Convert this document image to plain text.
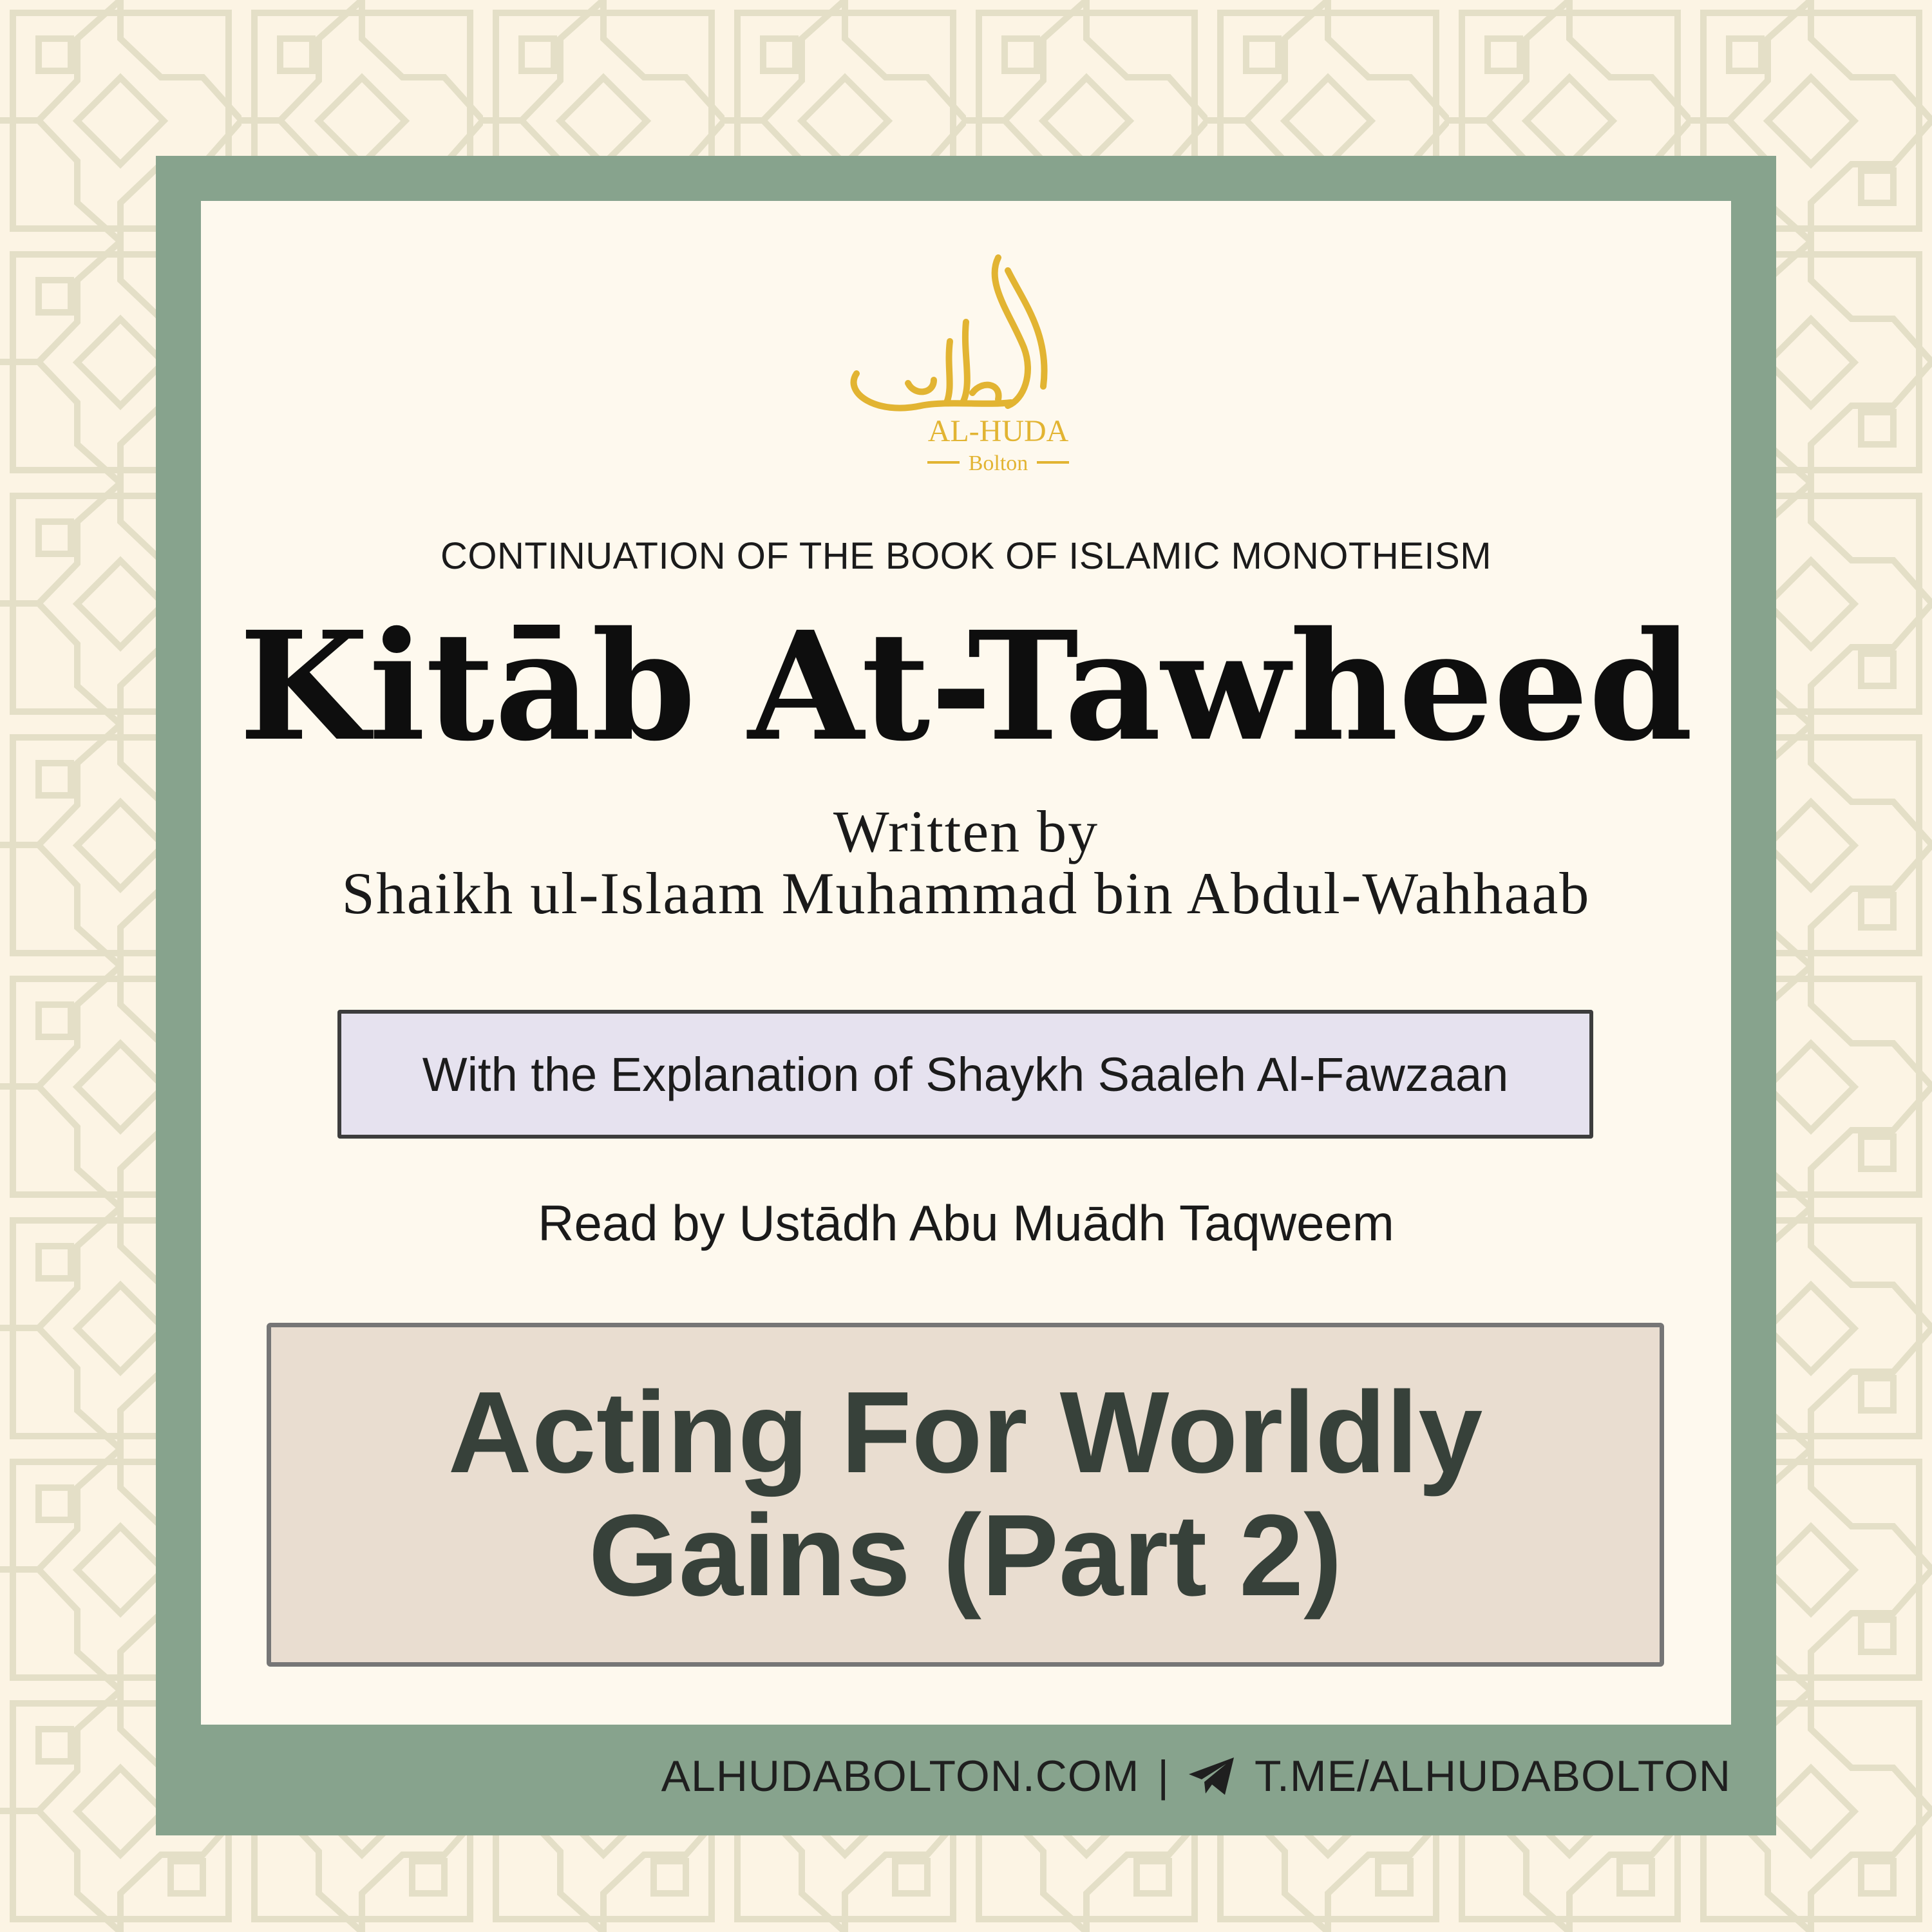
AL-HUDA
Bolton
CONTINUATION OF THE BOOK OF ISLAMIC MONOTHEISM
Kitāb At-Tawheed
Written by
Shaikh ul-Islaam Muhammad bin Abdul-Wahhaab
With the Explanation of Shaykh Saaleh Al-Fawzaan
Read by Ustādh Abu Muādh Taqweem
Acting For Worldly Gains (Part 2)
ALHUDABOLTON.COM | T.ME/ALHUDABOLTON
